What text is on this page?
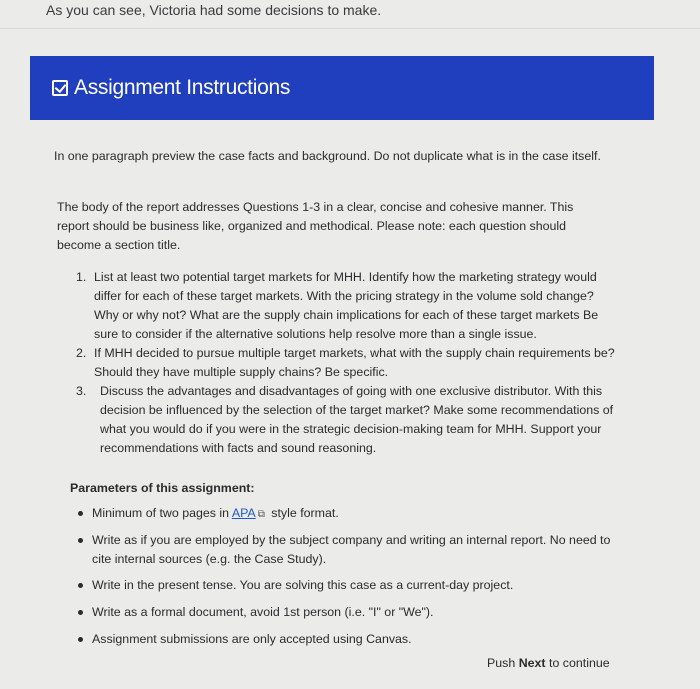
As you can see, Victoria had some decisions to make.
Assignment Instructions
In one paragraph preview the case facts and background. Do not duplicate what is in the case itself.
The body of the report addresses Questions 1-3 in a clear, concise and cohesive manner. This report should be business like, organized and methodical. Please note: each question should become a section title.
1. List at least two potential target markets for MHH. Identify how the marketing strategy would differ for each of these target markets. With the pricing strategy in the volume sold change? Why or why not? What are the supply chain implications for each of these target markets Be sure to consider if the alternative solutions help resolve more than a single issue.
2. If MHH decided to pursue multiple target markets, what with the supply chain requirements be? Should they have multiple supply chains? Be specific.
3. Discuss the advantages and disadvantages of going with one exclusive distributor. With this decision be influenced by the selection of the target market? Make some recommendations of what you would do if you were in the strategic decision-making team for MHH. Support your recommendations with facts and sound reasoning.
Parameters of this assignment:
Minimum of two pages in APA ⧉ style format.
Write as if you are employed by the subject company and writing an internal report. No need to cite internal sources (e.g. the Case Study).
Write in the present tense. You are solving this case as a current-day project.
Write as a formal document, avoid 1st person (i.e. "I" or "We").
Assignment submissions are only accepted using Canvas.
Push Next to continue
